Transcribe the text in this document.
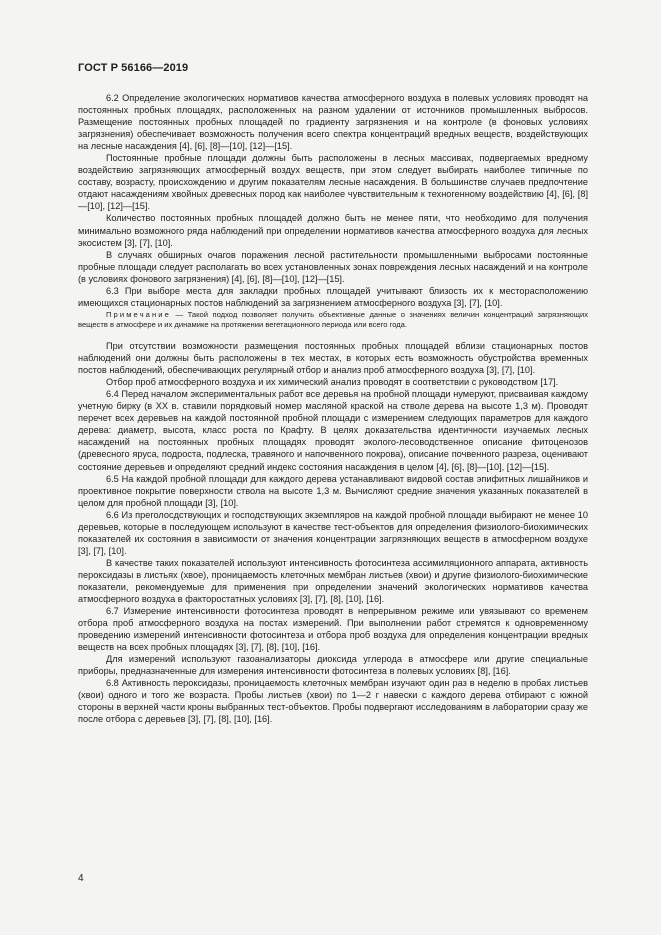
ГОСТ Р 56166—2019

6.2 Определение экологических нормативов качества атмосферного воздуха в полевых условиях проводят на постоянных пробных площадях, расположенных на разном удалении от источников промышленных выбросов. Размещение постоянных пробных площадей по градиенту загрязнения и на контроле (в фоновых условиях загрязнения) обеспечивает возможность получения всего спектра концентраций вредных веществ, воздействующих на лесные насаждения [4], [6], [8]—[10], [12]—[15].

Постоянные пробные площади должны быть расположены в лесных массивах, подвергаемых вредному воздействию загрязняющих атмосферный воздух веществ, при этом следует выбирать наиболее типичные по составу, возрасту, происхождению и другим показателям лесные насаждения. В большинстве случаев предпочтение отдают насаждениям хвойных древесных пород как наиболее чувствительным к техногенному воздействию [4], [6], [8]—[10], [12]—[15].

Количество постоянных пробных площадей должно быть не менее пяти, что необходимо для получения минимально возможного ряда наблюдений при определении нормативов качества атмосферного воздуха для лесных экосистем [3], [7], [10].

В случаях обширных очагов поражения лесной растительности промышленными выбросами постоянные пробные площади следует располагать во всех установленных зонах повреждения лесных насаждений и на контроле (в условиях фонового загрязнения) [4], [6], [8]—[10], [12]—[15].

6.3 При выборе места для закладки пробных площадей учитывают близость их к месторасположению имеющихся стационарных постов наблюдений за загрязнением атмосферного воздуха [3], [7], [10].

Примечание — Такой подход позволяет получить объективные данные о значениях величин концентраций загрязняющих веществ в атмосфере и их динамике на протяжении вегетационного периода или всего года.

При отсутствии возможности размещения постоянных пробных площадей вблизи стационарных постов наблюдений они должны быть расположены в тех местах, в которых есть возможность обустройства временных постов наблюдений, обеспечивающих регулярный отбор и анализ проб атмосферного воздуха [3], [7], [10].

Отбор проб атмосферного воздуха и их химический анализ проводят в соответствии с руководством [17].

6.4 Перед началом экспериментальных работ все деревья на пробной площади нумеруют, присваивая каждому учетную бирку (в XX в. ставили порядковый номер масляной краской на стволе дерева на высоте 1,3 м). Проводят перечет всех деревьев на каждой постоянной пробной площади с измерением следующих параметров для каждого дерева: диаметр, высота, класс роста по Крафту. В целях доказательства идентичности изучаемых лесных насаждений на постоянных пробных площадях проводят эколого-лесоводственное описание фитоценозов (древесного яруса, подроста, подлеска, травяного и напочвенного покрова), описание почвенного разреза, оценивают состояние деревьев и определяют средний индекс состояния насаждения в целом [4], [6], [8]—[10], [12]—[15].

6.5 На каждой пробной площади для каждого дерева устанавливают видовой состав эпифитных лишайников и проективное покрытие поверхности ствола на высоте 1,3 м. Вычисляют средние значения указанных показателей в целом для пробной площади [3], [10].

6.6 Из преголосдствующих и господствующих экземпляров на каждой пробной площади выбирают не менее 10 деревьев, которые в последующем используют в качестве тест-объектов для определения физиолого-биохимических показателей их состояния в зависимости от значения концентрации загрязняющих веществ в атмосферном воздухе [3], [7], [10].

В качестве таких показателей используют интенсивность фотосинтеза ассимиляционного аппарата, активность пероксидазы в листьях (хвое), проницаемость клеточных мембран листьев (хвои) и другие физиолого-биохимические показатели, рекомендуемые для применения при определении значений экологических нормативов качества атмосферного воздуха в факторостатных условиях [3], [7], [8], [10], [16].

6.7 Измерение интенсивности фотосинтеза проводят в непрерывном режиме или увязывают со временем отбора проб атмосферного воздуха на постах измерений. При выполнении работ стремятся к одновременному проведению измерений интенсивности фотосинтеза и отбора проб воздуха для определения концентрации вредных веществ на всех пробных площадях [3], [7], [8], [10], [16].

Для измерений используют газоанализаторы диоксида углерода в атмосфере или другие специальные приборы, предназначенные для измерения интенсивности фотосинтеза в полевых условиях [8], [16].

6.8 Активность пероксидазы, проницаемость клеточных мембран изучают один раз в неделю в пробах листьев (хвои) одного и того же возраста. Пробы листьев (хвои) по 1—2 г навески с каждого дерева отбирают с южной стороны в верхней части кроны выбранных тест-объектов. Пробы подвергают исследованиям в лаборатории сразу же после отбора с деревьев [3], [7], [8], [10], [16].

4
